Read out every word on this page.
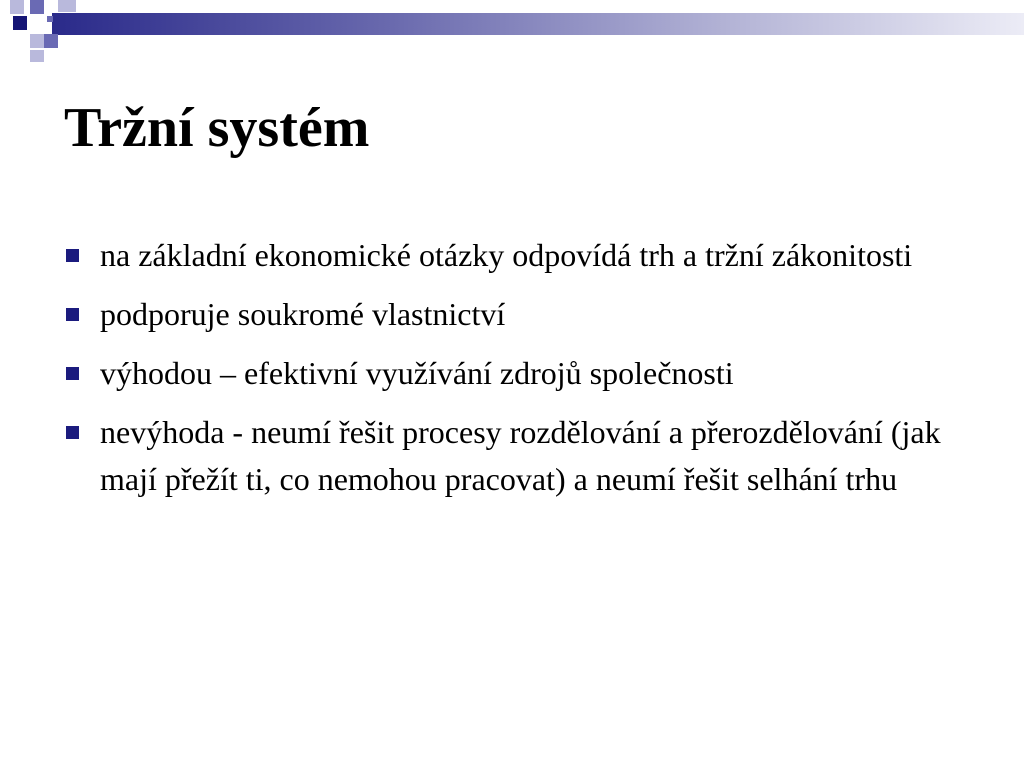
Tržní systém
na základní ekonomické otázky odpovídá trh a tržní zákonitosti
podporuje soukromé vlastnictví
výhodou – efektivní využívání zdrojů společnosti
nevýhoda - neumí řešit procesy rozdělování a přerozdělování (jak mají přežít ti, co nemohou pracovat) a neumí řešit selhání trhu
